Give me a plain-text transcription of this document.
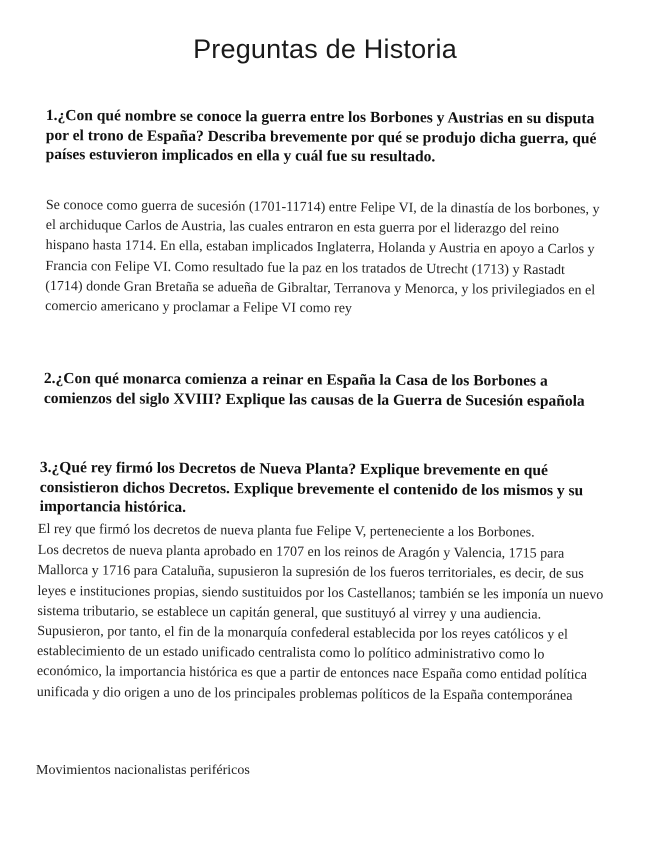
Preguntas de Historia

1.¿Con qué nombre se conoce la guerra entre los Borbones y Austrias en su disputa por el trono de España? Describa brevemente por qué se produjo dicha guerra, qué países estuvieron implicados en ella y cuál fue su resultado.

Se conoce como guerra de sucesión (1701-11714) entre Felipe VI, de la dinastía de los borbones, y el archiduque Carlos de Austria, las cuales entraron en esta guerra por el liderazgo del reino hispano hasta 1714. En ella, estaban implicados Inglaterra, Holanda y Austria en apoyo a Carlos y Francia con Felipe VI. Como resultado fue la paz en los tratados de Utrecht (1713) y Rastadt (1714) donde Gran Bretaña se adueña de Gibraltar, Terranova y Menorca, y los privilegiados en el comercio americano y proclamar a Felipe VI como rey

2.¿Con qué monarca comienza a reinar en España la Casa de los Borbones a comienzos del siglo XVIII? Explique las causas de la Guerra de Sucesión española

3.¿Qué rey firmó los Decretos de Nueva Planta? Explique brevemente en qué consistieron dichos Decretos. Explique brevemente el contenido de los mismos y su importancia histórica.

El rey que firmó los decretos de nueva planta fue Felipe V, perteneciente a los Borbones.

Los decretos de nueva planta aprobado en 1707 en los reinos de Aragón y Valencia, 1715 para Mallorca y 1716 para Cataluña, supusieron la supresión de los fueros territoriales, es decir, de sus leyes e instituciones propias, siendo sustituidos por los Castellanos; también se les imponía un nuevo sistema tributario, se establece un capitán general, que sustituyó al virrey y una audiencia. Supusieron, por tanto, el fin de la monarquía confederal establecida por los reyes católicos y el establecimiento de un estado unificado centralista como lo político administrativo como lo económico, la importancia histórica es que a partir de entonces nace España como entidad política unificada y dio origen a uno de los principales problemas políticos de la España contemporánea

Movimientos nacionalistas periféricos
